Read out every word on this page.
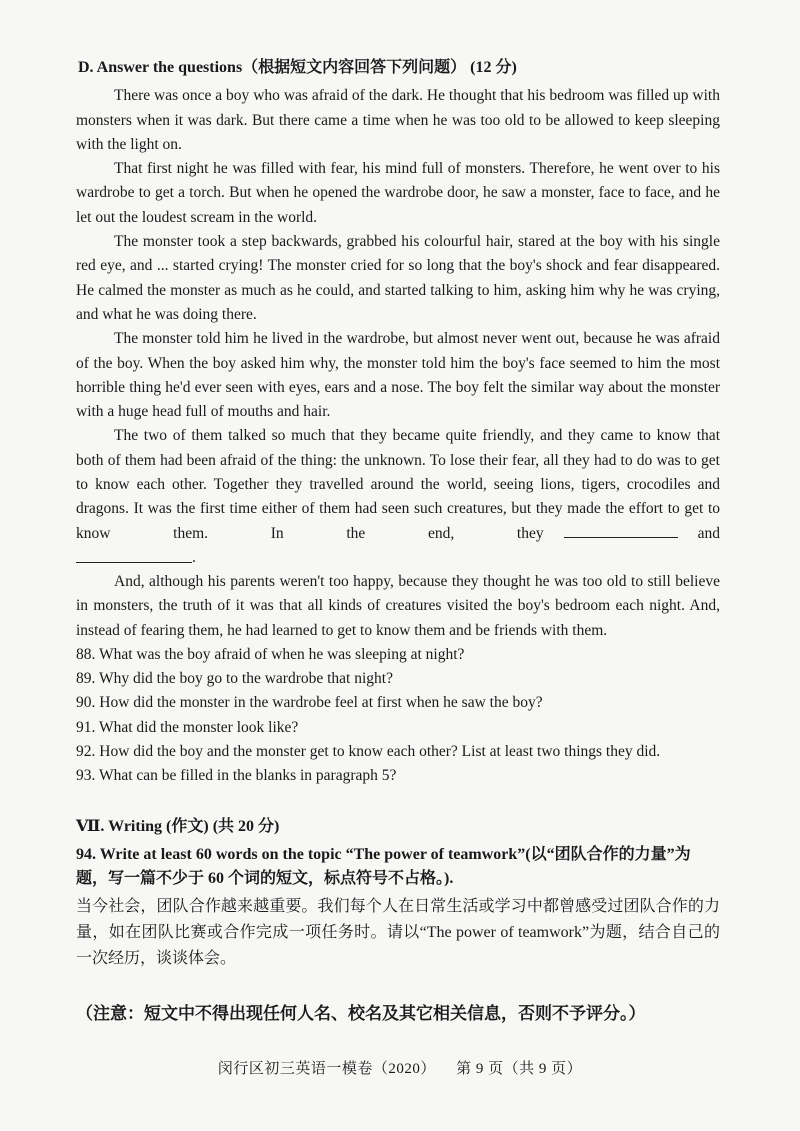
D. Answer the questions（根据短文内容回答下列问题） (12 分)

There was once a boy who was afraid of the dark. He thought that his bedroom was filled up with monsters when it was dark. But there came a time when he was too old to be allowed to keep sleeping with the light on.

That first night he was filled with fear, his mind full of monsters. Therefore, he went over to his wardrobe to get a torch. But when he opened the wardrobe door, he saw a monster, face to face, and he let out the loudest scream in the world.

The monster took a step backwards, grabbed his colourful hair, stared at the boy with his single red eye, and ... started crying! The monster cried for so long that the boy's shock and fear disappeared. He calmed the monster as much as he could, and started talking to him, asking him why he was crying, and what he was doing there.

The monster told him he lived in the wardrobe, but almost never went out, because he was afraid of the boy. When the boy asked him why, the monster told him the boy's face seemed to him the most horrible thing he'd ever seen with eyes, ears and a nose. The boy felt the similar way about the monster with a huge head full of mouths and hair.

The two of them talked so much that they became quite friendly, and they came to know that both of them had been afraid of the thing: the unknown. To lose their fear, all they had to do was to get to know each other. Together they travelled around the world, seeing lions, tigers, crocodiles and dragons. It was the first time either of them had seen such creatures, but they made the effort to get to know them. In the end, they	and

.

And, although his parents weren't too happy, because they thought he was too old to still believe in monsters, the truth of it was that all kinds of creatures visited the boy's bedroom each night. And, instead of fearing them, he had learned to get to know them and be friends with them.

88. What was the boy afraid of when he was sleeping at night?

89. Why did the boy go to the wardrobe that night?

90. How did the monster in the wardrobe feel at first when he saw the boy?

91. What did the monster look like?

92. How did the boy and the monster get to know each other? List at least two things they did.

93. What can be filled in the blanks in paragraph 5?

Ⅶ. Writing (作文) (共 20 分)

94. Write at least 60 words on the topic “The power of teamwork”(以“团队合作的力量”为题，写一篇不少于 60 个词的短文，标点符号不占格。).

当今社会，团队合作越来越重要。我们每个人在日常生活或学习中都曾感受过团队合作的力量，如在团队比赛或合作完成一项任务时。请以“The power of teamwork”为题，结合自己的一次经历，谈谈体会。

（注意：短文中不得出现任何人名、校名及其它相关信息，否则不予评分。）
闵行区初三英语一模卷（2020） 第 9 页（共 9 页）
